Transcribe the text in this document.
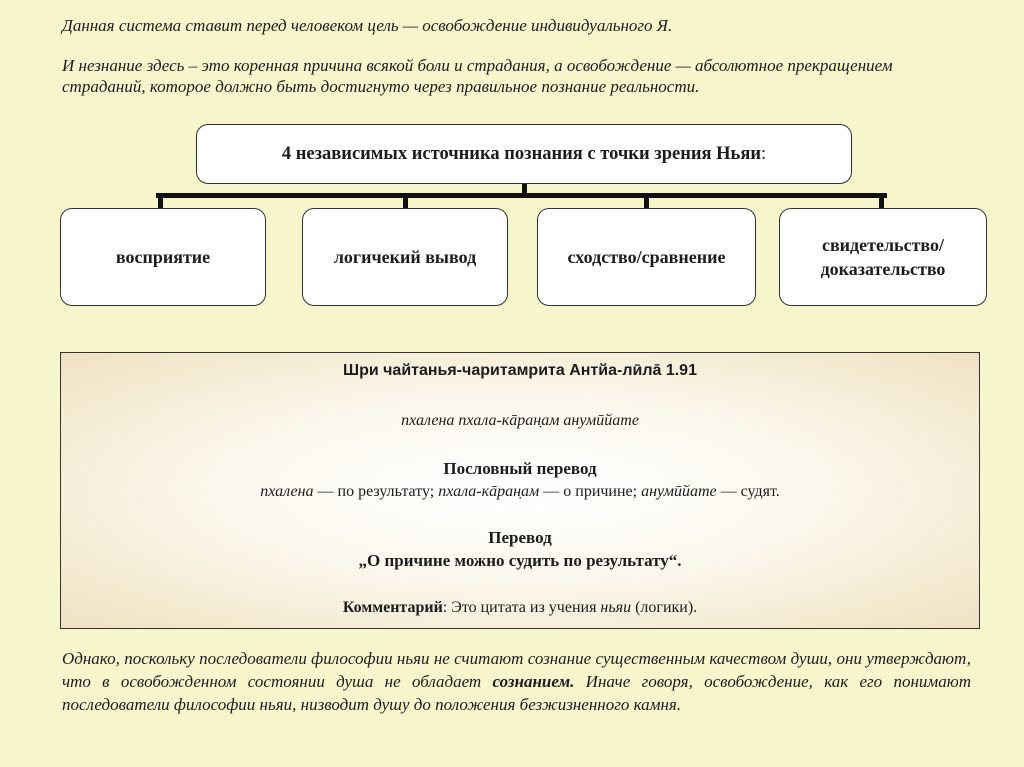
Данная система ставит перед человеком цель — освобождение индивидуального Я.
И незнание здесь – это коренная причина всякой боли и страдания, а освобождение — абсолютное прекращением страданий, которое должно быть достигнуто через правильное познание реальности.
4 независимых источника познания с точки зрения Ньяи :
восприятие	логичекий вывод	сходство/сравнение
свидетельство/
доказательство
Шри чайтанья-чаритамрита Антйа-лӣлā 1.91
пхалена пхала-кāран̣ам анумӣйате
Пословный перевод
пхалена — по результату; пхала-кāран̣ам — о причине; анумӣйате — судят.
Перевод
„О причине можно судить по результату“.
Комментарий: Это цитата из учения ньяи (логики).
Однако, поскольку последователи философии ньяи не считают сознание существенным качеством души, они утверждают, что в освобожденном состоянии душа не обладает сознанием. Иначе говоря, освобождение, как его понимают последователи философии ньяи, низводит душу до положения безжизненного камня.
